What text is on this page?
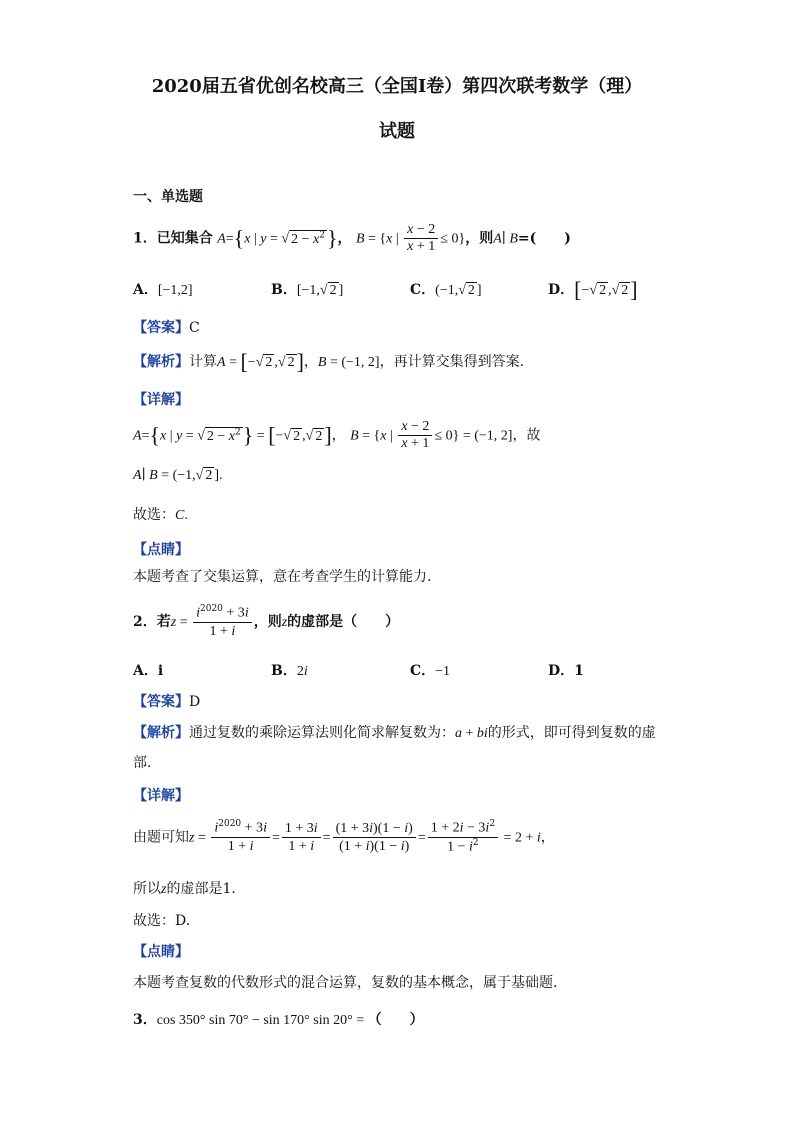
2020届五省优创名校高三（全国Ⅰ卷）第四次联考数学（理）
试题
一、单选题
1．已知集合 A={x | y = √ $2 - x^2$}， B = {x | $\frac{x - 2}{x + 1} \le 0$}，则A∣ B=(　　)
A．[−1,2]	B．[−1,√ 2 ]	C．(−1,√ 2 ]	D．[−√ 2 ,√ 2]
【答案】C
【解析】计算A = [−√ 2 ,√ 2]，B = (−1, 2]，再计算交集得到答案.
【详解】
A={x | y = √ $2 - x^2$} = [−√ 2 ,√ 2]， B = {x | $\frac{x - 2}{x + 1} \le 0\} = (-1$, 2]，故
A∣ B = (−1,√ 2 ].
故选：C.
【点睛】
本题考查了交集运算，意在考查学生的计算能力.
2．若$z = \frac{i^{2020} + 3i}{1 + i}$ ，则z的虚部是（　　）
A．i	B．2i	C．−1	D．1
【答案】D
【解析】通过复数的乘除运算法则化简求解复数为：a + bi的形式，即可得到复数的虚
部.
【详解】
由题可知$z = \frac{i^{2020} + 3i}{1 + i} = \frac{1 + 3i}{1 + i} = \frac{(1 + 3i)(1 - i)}{(1 + i)(1 - i)} = \frac{1 + 2i - 3i^2}{1 - i^2} = 2 + i$，
所以z的虚部是1.
故选：D.
【点睛】
本题考查复数的代数形式的混合运算，复数的基本概念，属于基础题.
3．cos 350° sin 70° − sin 170° sin 20° = （　　）
